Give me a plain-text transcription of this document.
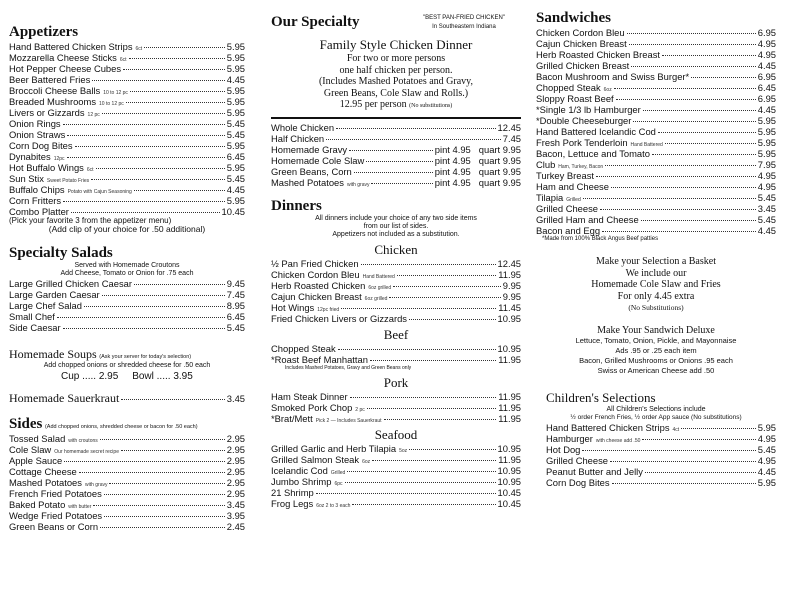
Appetizers
Hand Battered Chicken Strips 6ct	5.95
Mozzarella Cheese Sticks 6ct	5.95
Hot Pepper Cheese Cubes	5.95
Beer Battered Fries	4.45
Broccoli Cheese Balls 10 to 12 pc	5.95
Breaded Mushrooms 10 to 12 pc	5.95
Livers or Gizzards 12 pc	5.95
Onion Rings	5.45
Onion Straws	5.45
Corn Dog Bites	5.95
Dynabites 12pc	6.45
Hot Buffalo Wings 6ct	5.95
Sun Stix Sweet Potato Fries	5.45
Buffalo Chips Potato with Cajun Seasoning	4.45
Corn Fritters	5.95
Combo Platter	10.45
(Pick your favorite 3 from the appetizer menu)
(Add clip of your choice for .50 additional)
Specialty Salads
Served with Homemade Croutons
Add Cheese, Tomato or Onion for .75 each
Large Grilled Chicken Caesar	9.45
Large Garden Caesar	7.45
Large Chef Salad	8.95
Small Chef	6.45
Side Caesar	5.45
Homemade Soups (Ask your server for today's selection)
Add chopped onions or shredded cheese for .50 each
Cup ..... 2.95 Bowl ..... 3.95
Homemade Sauerkraut	3.45
Sides (Add chopped onions, shredded cheese or bacon for .50 each)
Tossed Salad with croutons	2.95
Cole Slaw Our homemade secret recipe	2.95
Apple Sauce	2.95
Cottage Cheese	2.95
Mashed Potatoes with gravy	2.95
French Fried Potatoes	2.95
Baked Potato with butter	3.45
Wedge Fried Potatoes	3.95
Green Beans or Corn	2.45
Our Specialty	"BEST PAN-FRIED CHICKEN"
In Southeastern Indiana
Family Style Chicken Dinner
For two or more persons
one half chicken per person.
(Includes Mashed Potatoes and Gravy,
Green Beans, Cole Slaw and Rolls.)
12.95 per person (No substitutions)
Whole Chicken	12.45
Half Chicken	7.45
Homemade Gravy	pint 4.95 quart 9.95
Homemade Cole Slaw	pint 4.95 quart 9.95
Green Beans, Corn	pint 4.95 quart 9.95
Mashed Potatoes with gravy	pint 4.95 quart 9.95
Dinners
All dinners include your choice of any two side items
from our list of sides.
Appetizers not included as a substitution.
Chicken
½ Pan Fried Chicken	12.45
Chicken Cordon Bleu Hand Battered	11.95
Herb Roasted Chicken 6oz grilled	9.95
Cajun Chicken Breast 6oz grilled	9.95
Hot Wings 12pc fried	11.45
Fried Chicken Livers or Gizzards	10.95
Beef
Chopped Steak	10.95
*Roast Beef Manhattan	11.95
Includes Mashed Potatoes, Gravy and Green Beans only
Pork
Ham Steak Dinner	11.95
Smoked Pork Chop 2 pc	11.95
*Brat/Mett Pick 2 — Includes Sauerkraut	11.95
Seafood
Grilled Garlic and Herb Tilapia 5oz	10.95
Grilled Salmon Steak 6oz	11.95
Icelandic Cod Grilled	10.95
Jumbo Shrimp 6pc	10.95
21 Shrimp	10.45
Frog Legs 6oz 2 to 3 each	10.45
Sandwiches
Chicken Cordon Bleu	6.95
Cajun Chicken Breast	4.95
Herb Roasted Chicken Breast	4.95
Grilled Chicken Breast	4.45
Bacon Mushroom and Swiss Burger*	6.95
Chopped Steak 6oz	6.45
Sloppy Roast Beef	6.95
*Single 1/3 lb Hamburger	4.45
*Double Cheeseburger	5.95
Hand Battered Icelandic Cod	5.95
Fresh Pork Tenderloin Hand Battered	5.95
Bacon, Lettuce and Tomato	5.95
Club Ham, Turkey, Bacon	7.95
Turkey Breast	4.95
Ham and Cheese	4.95
Tilapia Grilled	5.45
Grilled Cheese	3.45
Grilled Ham and Cheese	5.45
Bacon and Egg	4.45
*Made from 100% Black Angus Beef patties
Make your Selection a Basket
We include our
Homemade Cole Slaw and Fries
For only 4.45 extra
(No Substitutions)
Make Your Sandwich Deluxe
Lettuce, Tomato, Onion, Pickle, and Mayonnaise
Ads .95 or .25 each item
Bacon, Grilled Mushrooms or Onions .95 each
Swiss or American Cheese add .50
Children's Selections
All Children's Selections include
½ order French Fries, ½ order App sauce (No substitutions)
Hand Battered Chicken Strips 4ct	5.95
Hamburger with cheese add .50	4.95
Hot Dog	5.45
Grilled Cheese	4.95
Peanut Butter and Jelly	4.45
Corn Dog Bites	5.95
